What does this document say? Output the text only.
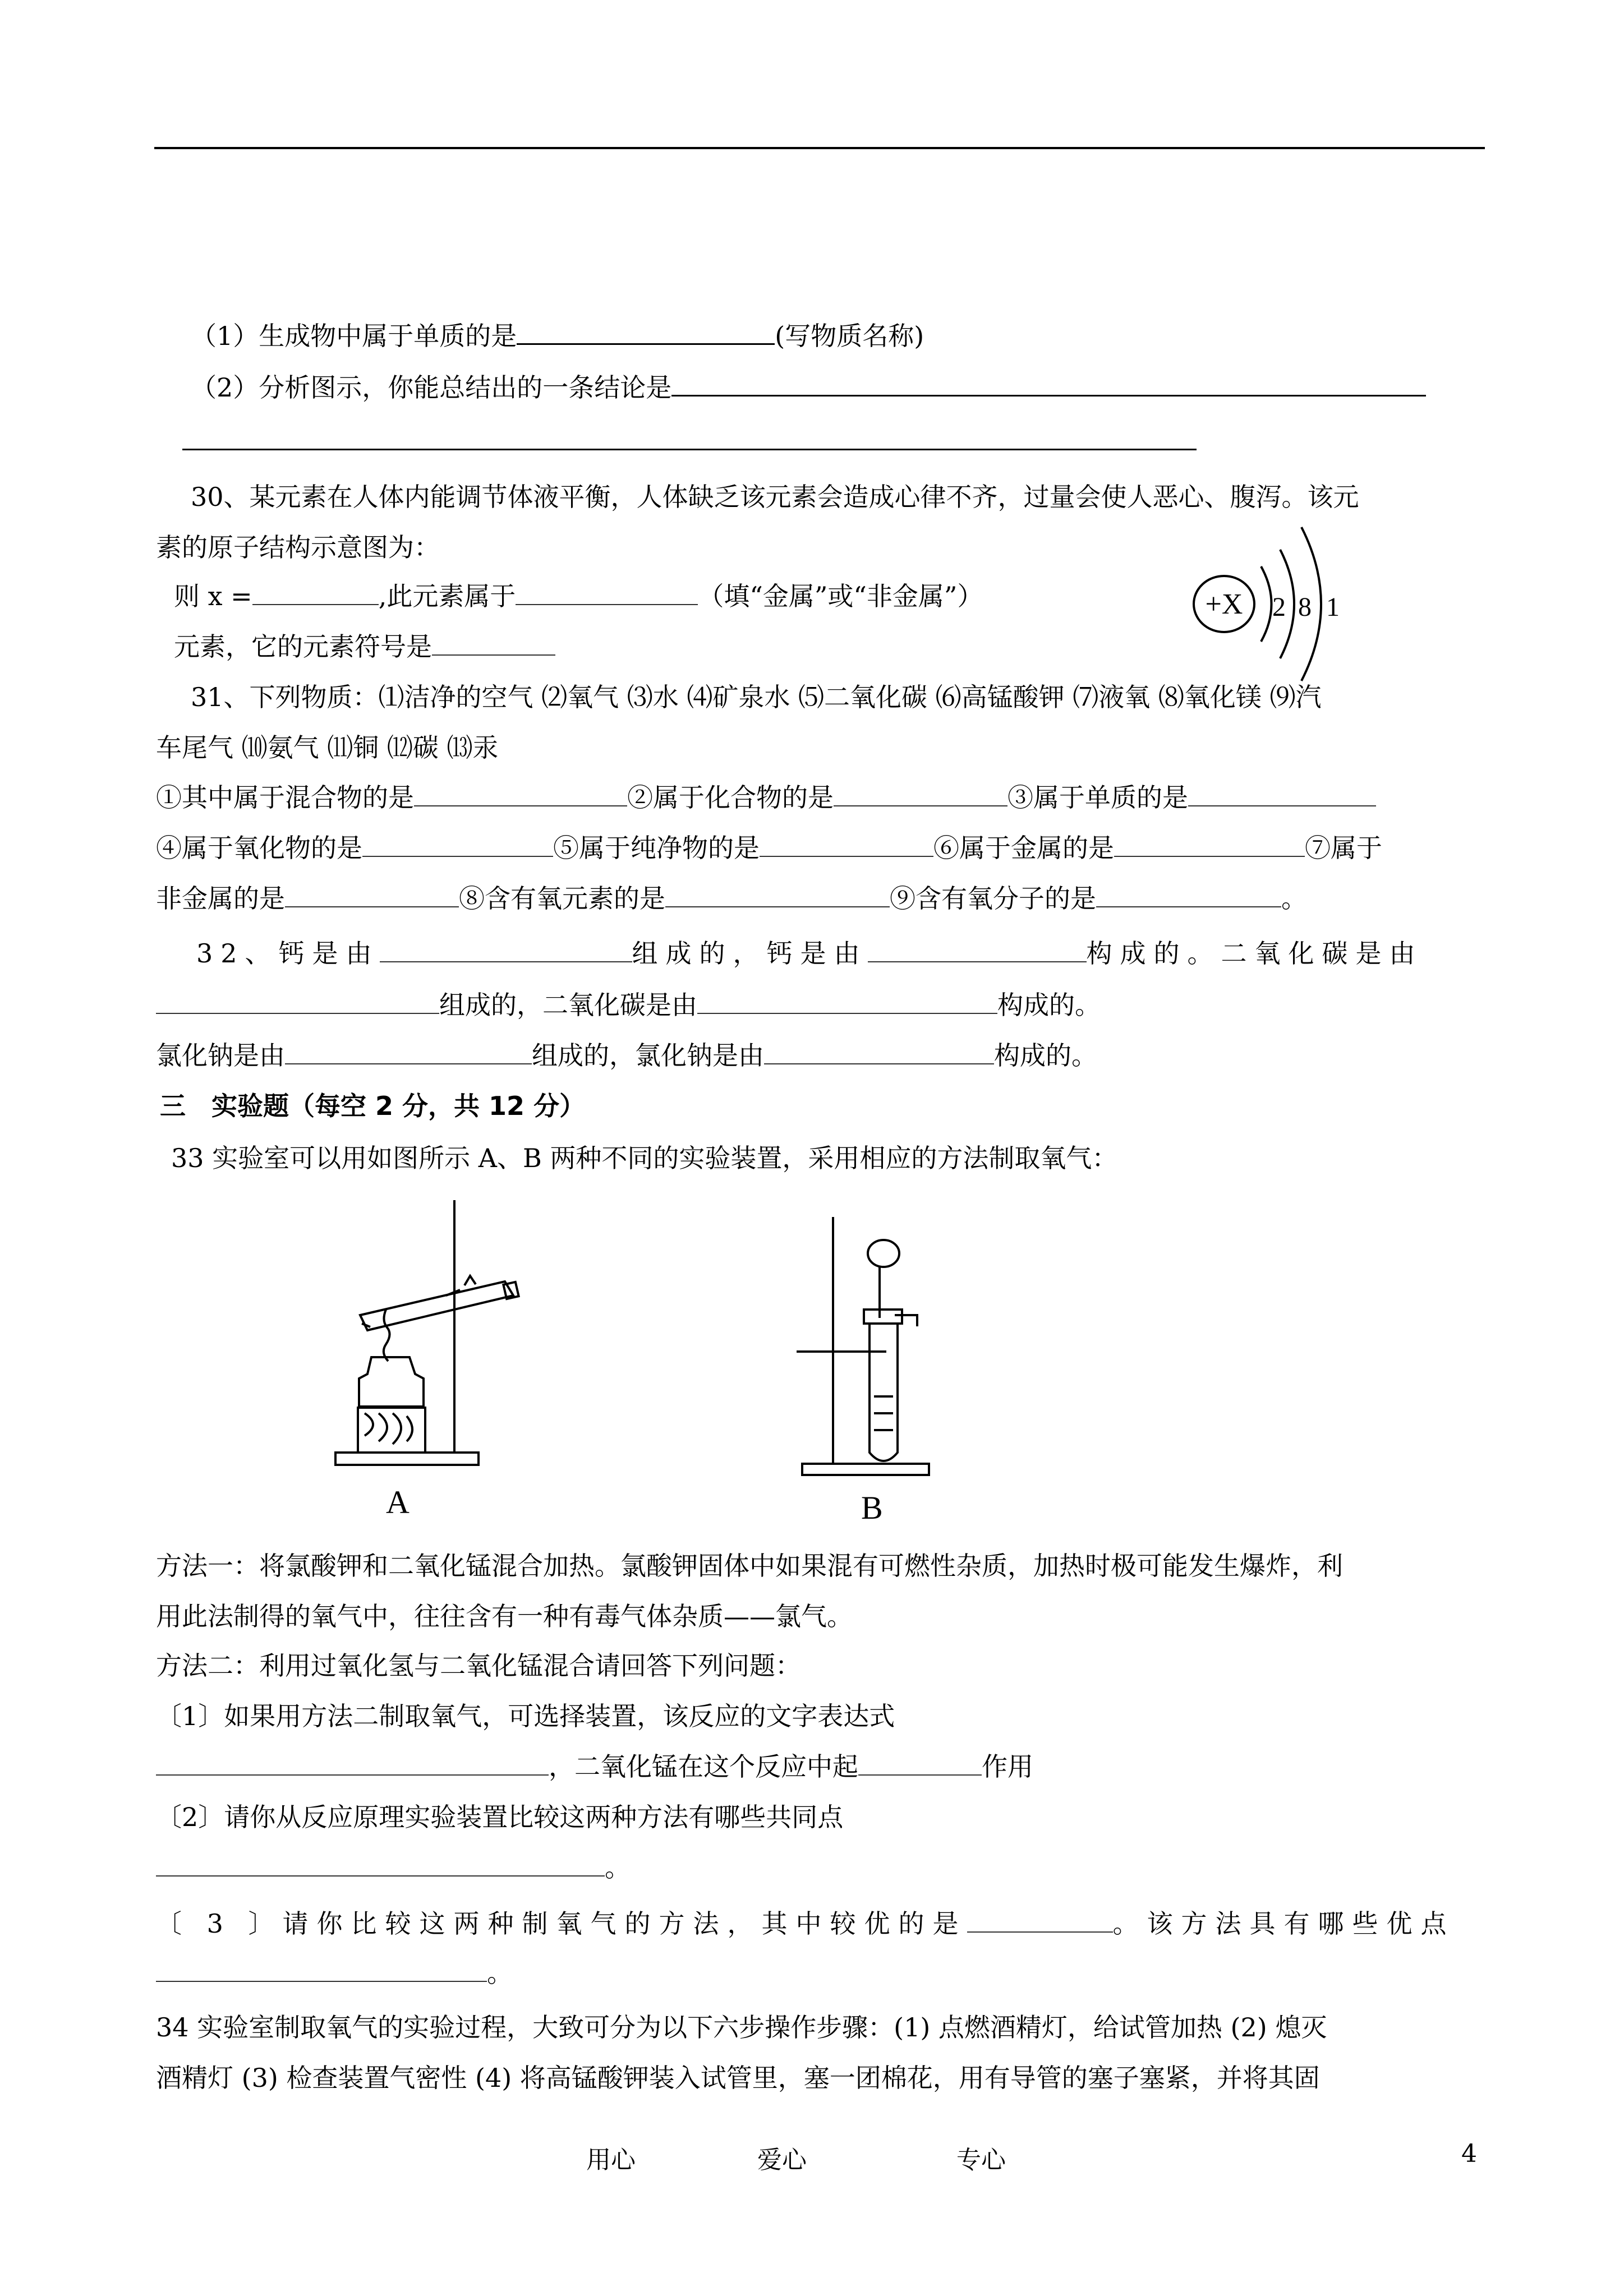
（1）生成物中属于单质的是	(写物质名称)
（2）分析图示，你能总结出的一条结论是
30、某元素在人体内能调节体液平衡，人体缺乏该元素会造成心律不齐，过量会使人恶心、腹泻。该元
素的原子结构示意图为：
则 x =	,此元素属于	（填“金属”或“非金属”）
元素，它的元素符号是
+X 2 8 1
31、下列物质：⑴洁净的空气 ⑵氧气 ⑶水 ⑷矿泉水 ⑸二氧化碳 ⑹高锰酸钾 ⑺液氧 ⑻氧化镁 ⑼汽
车尾气 ⑽氨气 ⑾铜 ⑿碳 ⒀汞
①其中属于混合物的是	②属于化合物的是	③属于单质的是
④属于氧化物的是	⑤属于纯净物的是	⑥属于金属的是	⑦属于
非金属的是	⑧含有氧元素的是	⑨含有氧分子的是	。
32、钙是由	组成的，钙是由	构成的。二氧化碳是由
组成的，二氧化碳是由	构成的。
氯化钠是由	组成的，氯化钠是由	构成的。
三　实验题（每空 2 分，共 12 分）
33 实验室可以用如图所示 A、B 两种不同的实验装置，采用相应的方法制取氧气：
A	B
方法一：将氯酸钾和二氧化锰混合加热。氯酸钾固体中如果混有可燃性杂质，加热时极可能发生爆炸，利
用此法制得的氧气中，往往含有一种有毒气体杂质——氯气。
方法二：利用过氧化氢与二氧化锰混合请回答下列问题：
〔1〕如果用方法二制取氧气，可选择装置，该反应的文字表达式
，二氧化锰在这个反应中起	作用
〔2〕请你从反应原理实验装置比较这两种方法有哪些共同点
。
〔 3 〕请你比较这两种制氧气的方法，其中较优的是	。该方法具有哪些优点
。
34 实验室制取氧气的实验过程，大致可分为以下六步操作步骤：(1) 点燃酒精灯，给试管加热 (2) 熄灭
酒精灯 (3) 检查装置气密性 (4) 将高锰酸钾装入试管里，塞一团棉花，用有导管的塞子塞紧，并将其固
用心	爱心	专心	4
